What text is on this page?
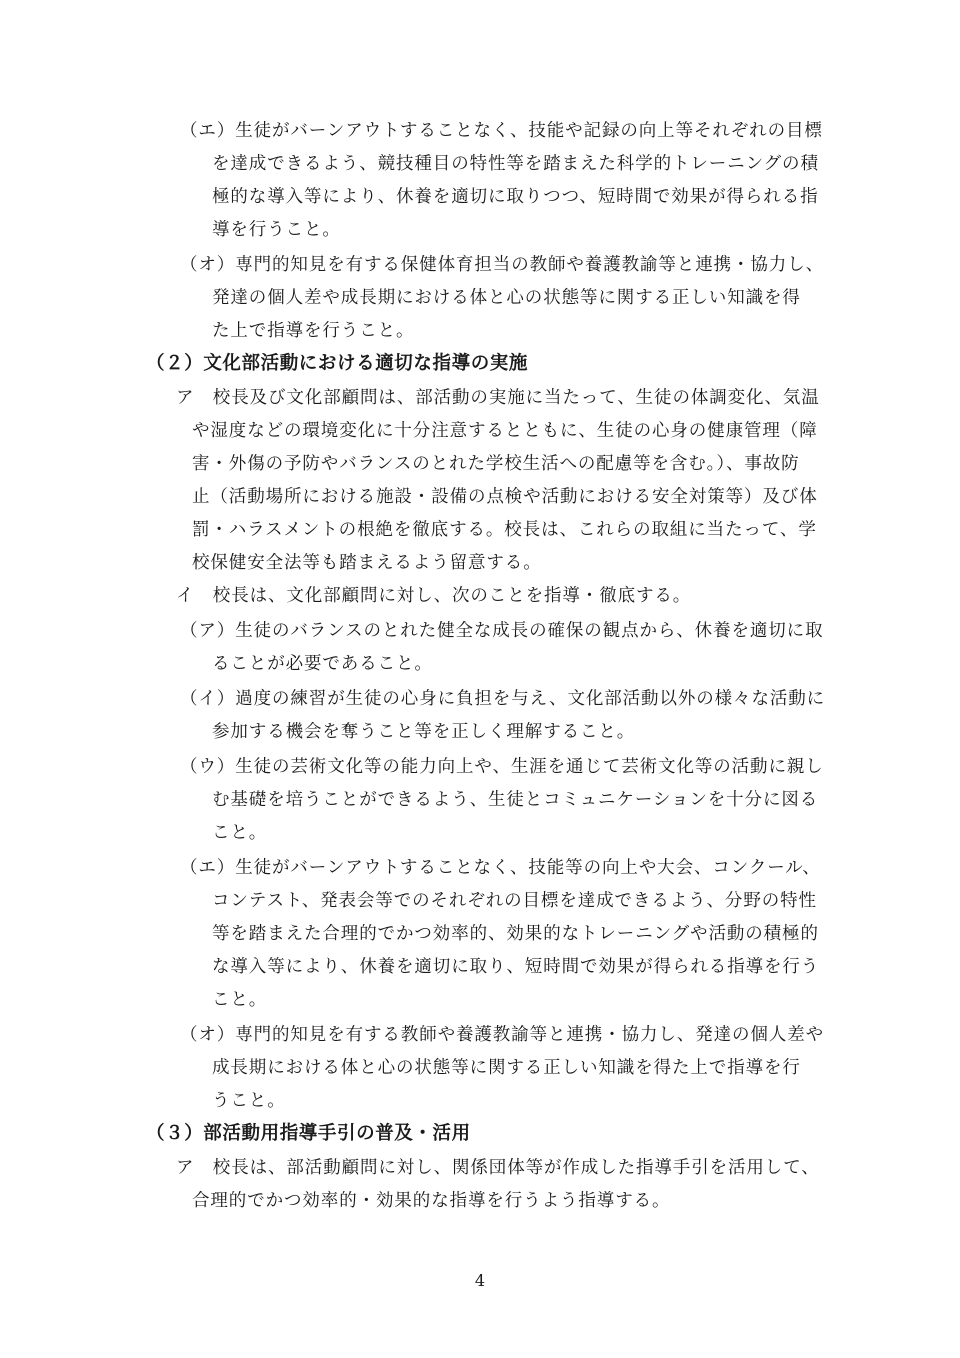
（エ）生徒がバーンアウトすることなく、技能や記録の向上等それぞれの目標
を達成できるよう、競技種目の特性等を踏まえた科学的トレーニングの積
極的な導入等により、休養を適切に取りつつ、短時間で効果が得られる指
導を行うこと。
（オ）専門的知見を有する保健体育担当の教師や養護教諭等と連携・協力し、
発達の個人差や成長期における体と心の状態等に関する正しい知識を得
た上で指導を行うこと。
（２）文化部活動における適切な指導の実施
ア　校長及び文化部顧問は、部活動の実施に当たって、生徒の体調変化、気温
や湿度などの環境変化に十分注意するとともに、生徒の心身の健康管理（障
害・外傷の予防やバランスのとれた学校生活への配慮等を含む。）、事故防
止（活動場所における施設・設備の点検や活動における安全対策等）及び体
罰・ハラスメントの根絶を徹底する。校長は、これらの取組に当たって、学
校保健安全法等も踏まえるよう留意する。
イ　校長は、文化部顧問に対し、次のことを指導・徹底する。
（ア）生徒のバランスのとれた健全な成長の確保の観点から、休養を適切に取
ることが必要であること。
（イ）過度の練習が生徒の心身に負担を与え、文化部活動以外の様々な活動に
参加する機会を奪うこと等を正しく理解すること。
（ウ）生徒の芸術文化等の能力向上や、生涯を通じて芸術文化等の活動に親し
む基礎を培うことができるよう、生徒とコミュニケーションを十分に図る
こと。
（エ）生徒がバーンアウトすることなく、技能等の向上や大会、コンクール、
コンテスト、発表会等でのそれぞれの目標を達成できるよう、分野の特性
等を踏まえた合理的でかつ効率的、効果的なトレーニングや活動の積極的
な導入等により、休養を適切に取り、短時間で効果が得られる指導を行う
こと。
（オ）専門的知見を有する教師や養護教諭等と連携・協力し、発達の個人差や
成長期における体と心の状態等に関する正しい知識を得た上で指導を行
うこと。
（３）部活動用指導手引の普及・活用
ア　校長は、部活動顧問に対し、関係団体等が作成した指導手引を活用して、
合理的でかつ効率的・効果的な指導を行うよう指導する。
4
